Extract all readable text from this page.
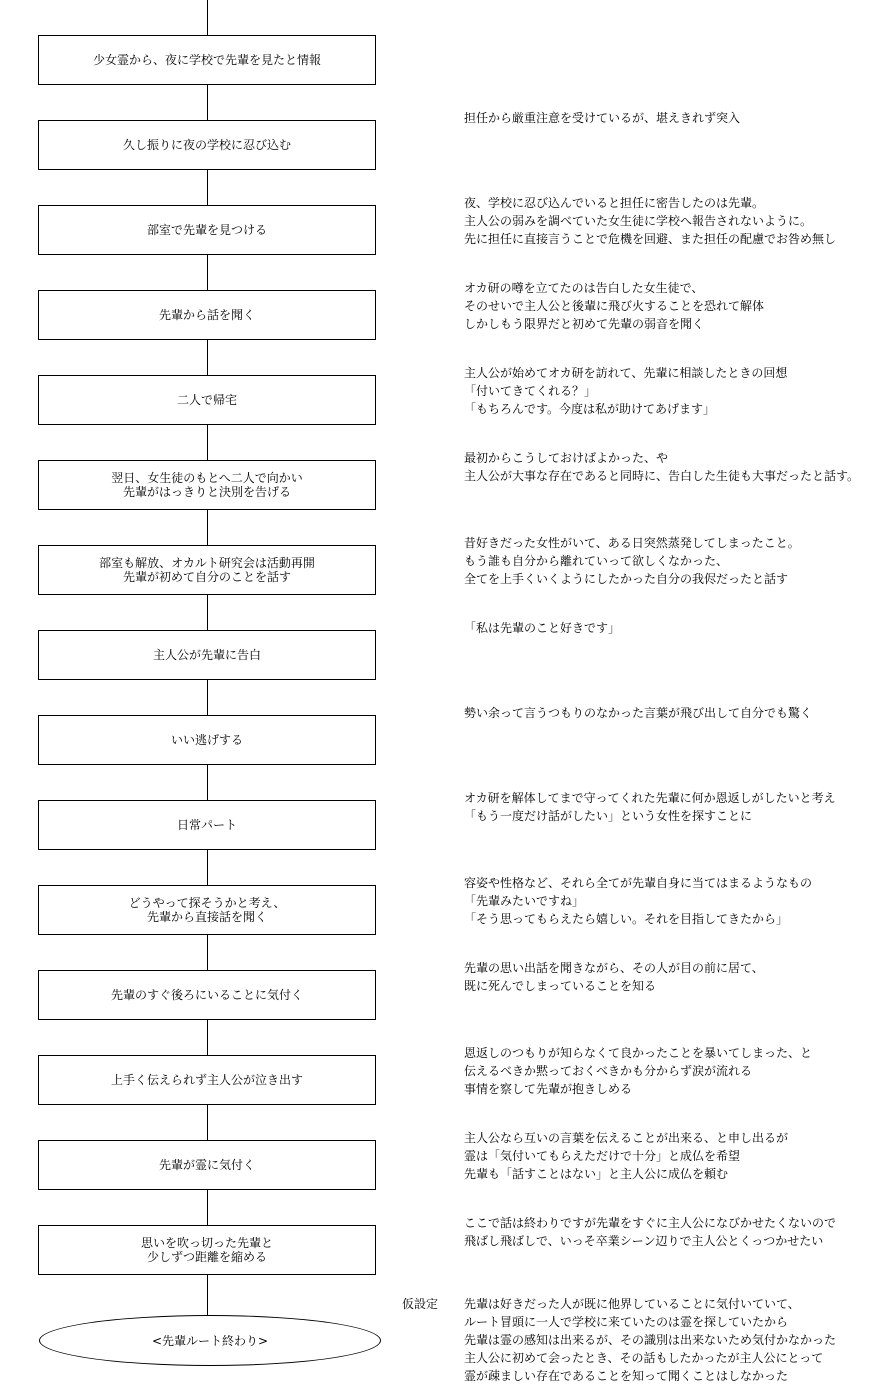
少女霊から、夜に学校で先輩を見たと情報
久し振りに夜の学校に忍び込む
担任から厳重注意を受けているが、堪えきれず突入
部室で先輩を見つける
夜、学校に忍び込んでいると担任に密告したのは先輩。
主人公の弱みを調べていた女生徒に学校へ報告されないように。
先に担任に直接言うことで危機を回避、また担任の配慮でお咎め無し
先輩から話を聞く
オカ研の噂を立てたのは告白した女生徒で、
そのせいで主人公と後輩に飛び火することを恐れて解体
しかしもう限界だと初めて先輩の弱音を聞く
二人で帰宅
主人公が始めてオカ研を訪れて、先輩に相談したときの回想
「付いてきてくれる？」
「もちろんです。今度は私が助けてあげます」
翌日、女生徒のもとへ二人で向かい
先輩がはっきりと決別を告げる
最初からこうしておけばよかった、や
主人公が大事な存在であると同時に、告白した生徒も大事だったと話す。
部室も解放、オカルト研究会は活動再開
先輩が初めて自分のことを話す
昔好きだった女性がいて、ある日突然蒸発してしまったこと。
もう誰も自分から離れていって欲しくなかった、
全てを上手くいくようにしたかった自分の我侭だったと話す
主人公が先輩に告白
「私は先輩のこと好きです」
いい逃げする
勢い余って言うつもりのなかった言葉が飛び出して自分でも驚く
日常パート
オカ研を解体してまで守ってくれた先輩に何か恩返しがしたいと考え
「もう一度だけ話がしたい」という女性を探すことに
どうやって探そうかと考え、
先輩から直接話を聞く
容姿や性格など、それら全てが先輩自身に当てはまるようなもの
「先輩みたいですね」
「そう思ってもらえたら嬉しい。それを目指してきたから」
先輩のすぐ後ろにいることに気付く
先輩の思い出話を聞きながら、その人が目の前に居て、
既に死んでしまっていることを知る
上手く伝えられず主人公が泣き出す
恩返しのつもりが知らなくて良かったことを暴いてしまった、と
伝えるべきか黙っておくべきかも分からず涙が流れる
事情を察して先輩が抱きしめる
先輩が霊に気付く
主人公なら互いの言葉を伝えることが出来る、と申し出るが
霊は「気付いてもらえただけで十分」と成仏を希望
先輩も「話すことはない」と主人公に成仏を頼む
思いを吹っ切った先輩と
少しずつ距離を縮める
ここで話は終わりですが先輩をすぐに主人公になびかせたくないので
飛ばし飛ばしで、いっそ卒業シーン辺りで主人公とくっつかせたい
仮設定 先輩は好きだった人が既に他界していることに気付いていて、
ルート冒頭に一人で学校に来ていたのは霊を探していたから
先輩は霊の感知は出来るが、その識別は出来ないため気付かなかった
主人公に初めて会ったとき、その話もしたかったが主人公にとって
霊が疎ましい存在であることを知って聞くことはしなかった
<先輩ルート終わり>
